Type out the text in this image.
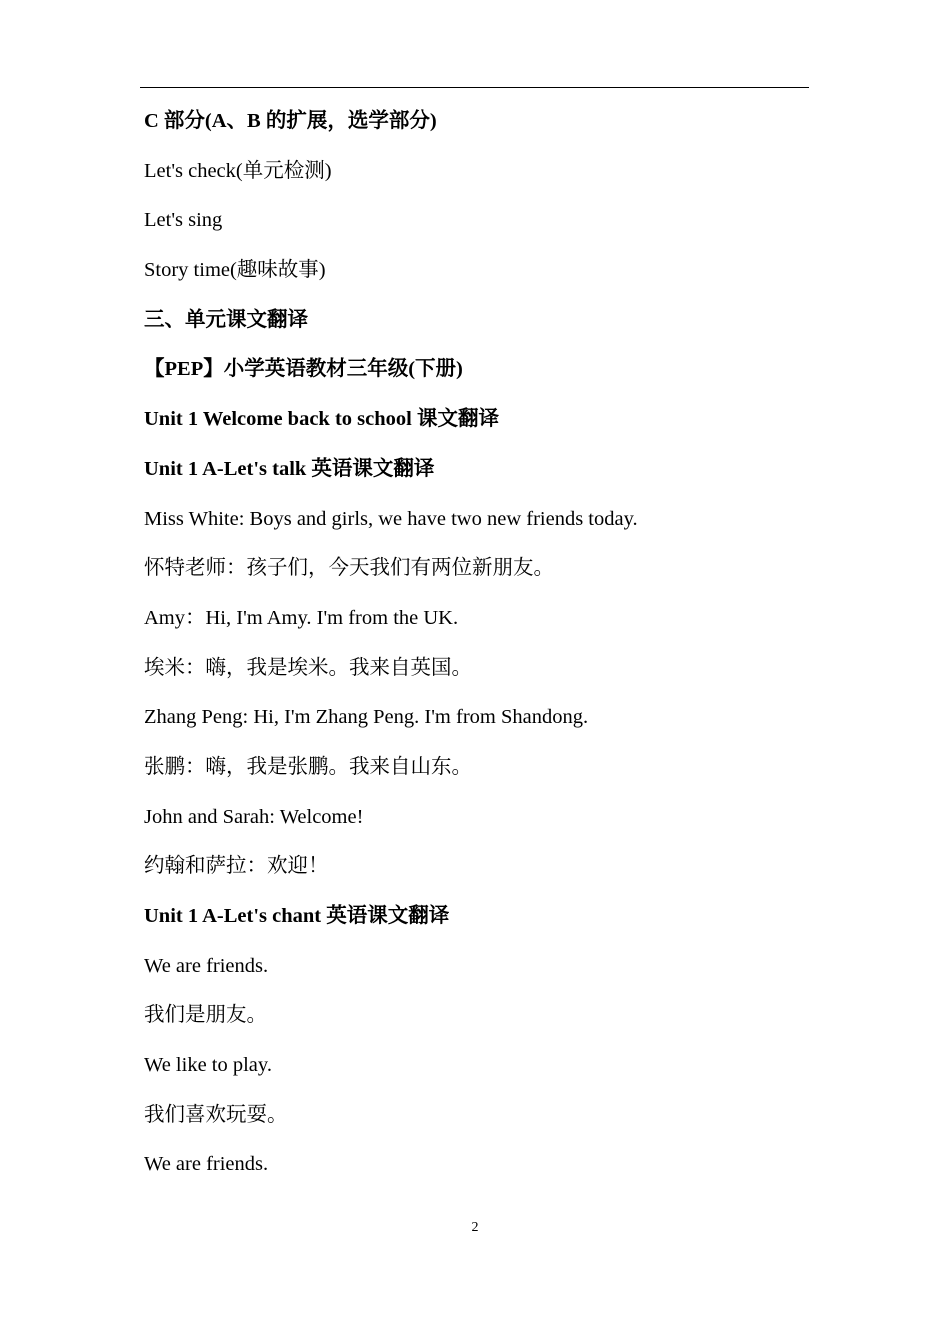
C 部分(A、B 的扩展，选学部分)
Let's check(单元检测)
Let's sing
Story time(趣味故事)
三、单元课文翻译
【PEP】小学英语教材三年级(下册)
Unit 1 Welcome back to school 课文翻译
Unit 1 A-Let's talk 英语课文翻译
Miss White: Boys and girls, we have two new friends today.
怀特老师：孩子们，今天我们有两位新朋友。
Amy：Hi, I'm Amy. I'm from the UK.
埃米：嗨，我是埃米。我来自英国。
Zhang Peng: Hi, I'm Zhang Peng. I'm from Shandong.
张鹏：嗨，我是张鹏。我来自山东。
John and Sarah: Welcome!
约翰和萨拉：欢迎！
Unit 1 A-Let's chant 英语课文翻译
We are friends.
我们是朋友。
We like to play.
我们喜欢玩耍。
We are friends.
2
